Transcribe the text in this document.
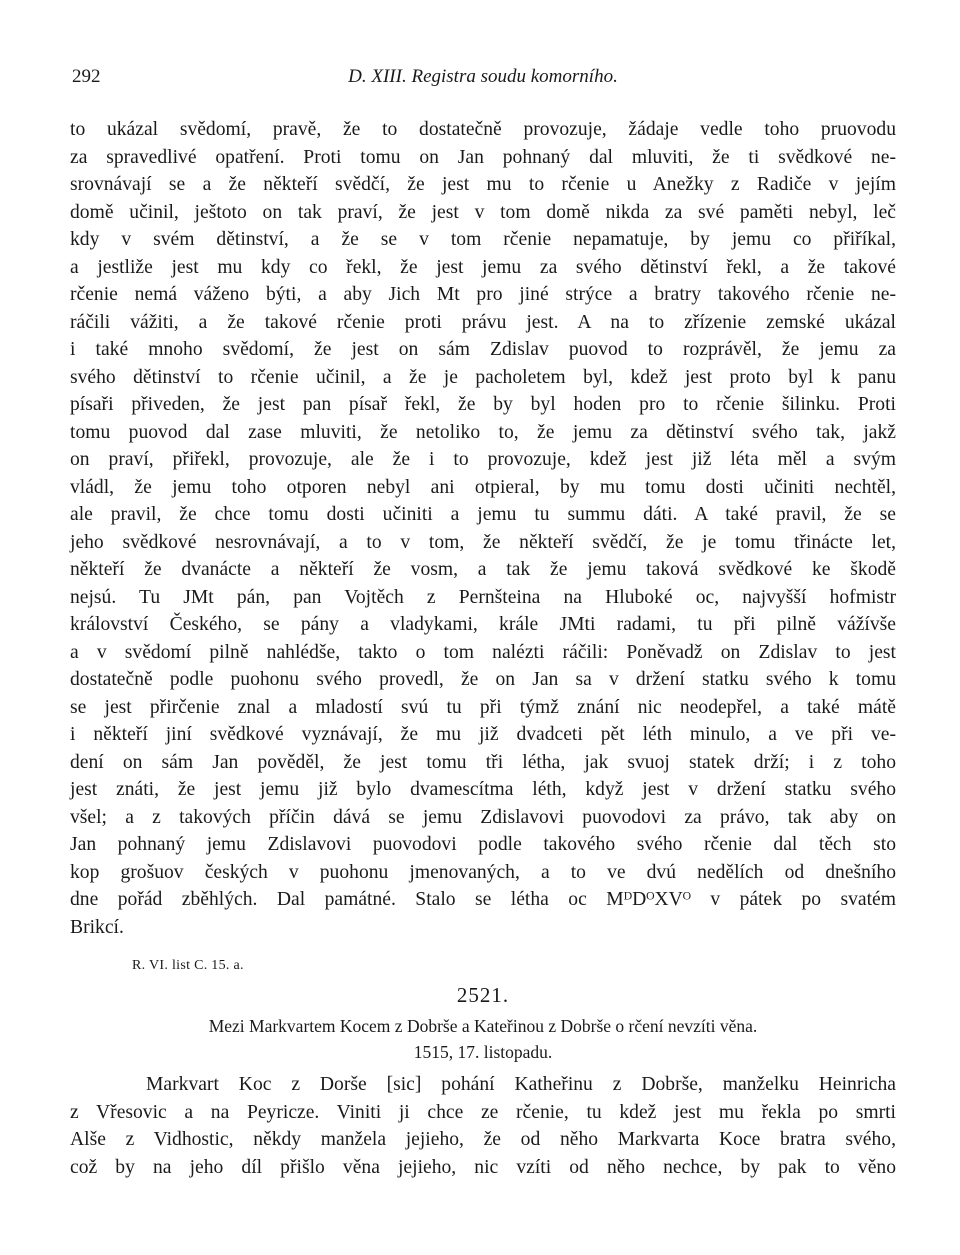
292	D. XIII. Registra soudu komorního.
to ukázal svědomí, pravě, že to dostatečně provozuje, žádaje vedle toho pruovodu
za spravedlivé opatření. Proti tomu on Jan pohnaný dal mluviti, že ti svědkové ne-
srovnávají se a že někteří svědčí, že jest mu to rčenie u Anežky z Radiče v jejím
domě učinil, ještoto on tak praví, že jest v tom domě nikda za své paměti nebyl, leč
kdy v svém dětinství, a že se v tom rčenie nepamatuje, by jemu co přiříkal,
a jestliže jest mu kdy co řekl, že jest jemu za svého dětinství řekl, a že takové
rčenie nemá váženo býti, a aby Jich Mt pro jiné strýce a bratry takového rčenie ne-
ráčili vážiti, a že takové rčenie proti právu jest. A na to zřízenie zemské ukázal
i také mnoho svědomí, že jest on sám Zdislav puovod to rozprávěl, že jemu za
svého dětinství to rčenie učinil, a že je pacholetem byl, kdež jest proto byl k panu
písaři přiveden, že jest pan písař řekl, že by byl hoden pro to rčenie šilinku. Proti
tomu puovod dal zase mluviti, že netoliko to, že jemu za dětinství svého tak, jakž
on praví, přiřekl, provozuje, ale že i to provozuje, kdež jest již léta měl a svým
vládl, že jemu toho otporen nebyl ani otpieral, by mu tomu dosti učiniti nechtěl,
ale pravil, že chce tomu dosti učiniti a jemu tu summu dáti. A také pravil, že se
jeho svědkové nesrovnávají, a to v tom, že někteří svědčí, že je tomu třinácte let,
někteří že dvanácte a někteří že vosm, a tak že jemu taková svědkové ke škodě
nejsú. Tu JMt pán, pan Vojtěch z Pernšteina na Hluboké oc, najvyšší hofmistr
království Českého, se pány a vladykami, krále JMti radami, tu při pilně vážívše
a v svědomí pilně nahlédše, takto o tom nalézti ráčili: Poněvadž on Zdislav to jest
dostatečně podle puohonu svého provedl, že on Jan sa v držení statku svého k tomu
se jest přirčenie znal a mladostí svú tu při týmž znání nic neodepřel, a také mátě
i někteří jiní svědkové vyznávají, že mu již dvadceti pět léth minulo, a ve při ve-
dení on sám Jan pověděl, že jest tomu tři létha, jak svuoj statek drží; i z toho
jest znáti, že jest jemu již bylo dvamescítma léth, když jest v držení statku svého
všel; a z takových příčin dává se jemu Zdislavovi puovodovi za právo, tak aby on
Jan pohnaný jemu Zdislavovi puovodovi podle takového svého rčenie dal těch sto
kop grošuov českých v puohonu jmenovaných, a to ve dvú nedělích od dnešního
dne pořád zběhlých. Dal památné. Stalo se létha oc MᴰDᴼXVᴼ v pátek po svatém
Brikcí.
R. VI. list C. 15. a.
2521.
Mezi Markvartem Kocem z Dobrše a Kateřinou z Dobrše o rčení nevzíti věna.
1515, 17. listopadu.
Markvart Koc z Dorše [sic] pohání Katheřinu z Dobrše, manželku Heinricha
z Vřesovic a na Peyricze. Viniti ji chce ze rčenie, tu kdež jest mu řekla po smrti
Alše z Vidhostic, někdy manžela jejieho, že od něho Markvarta Koce bratra svého,
což by na jeho díl přišlo věna jejieho, nic vzíti od něho nechce, by pak to věno
